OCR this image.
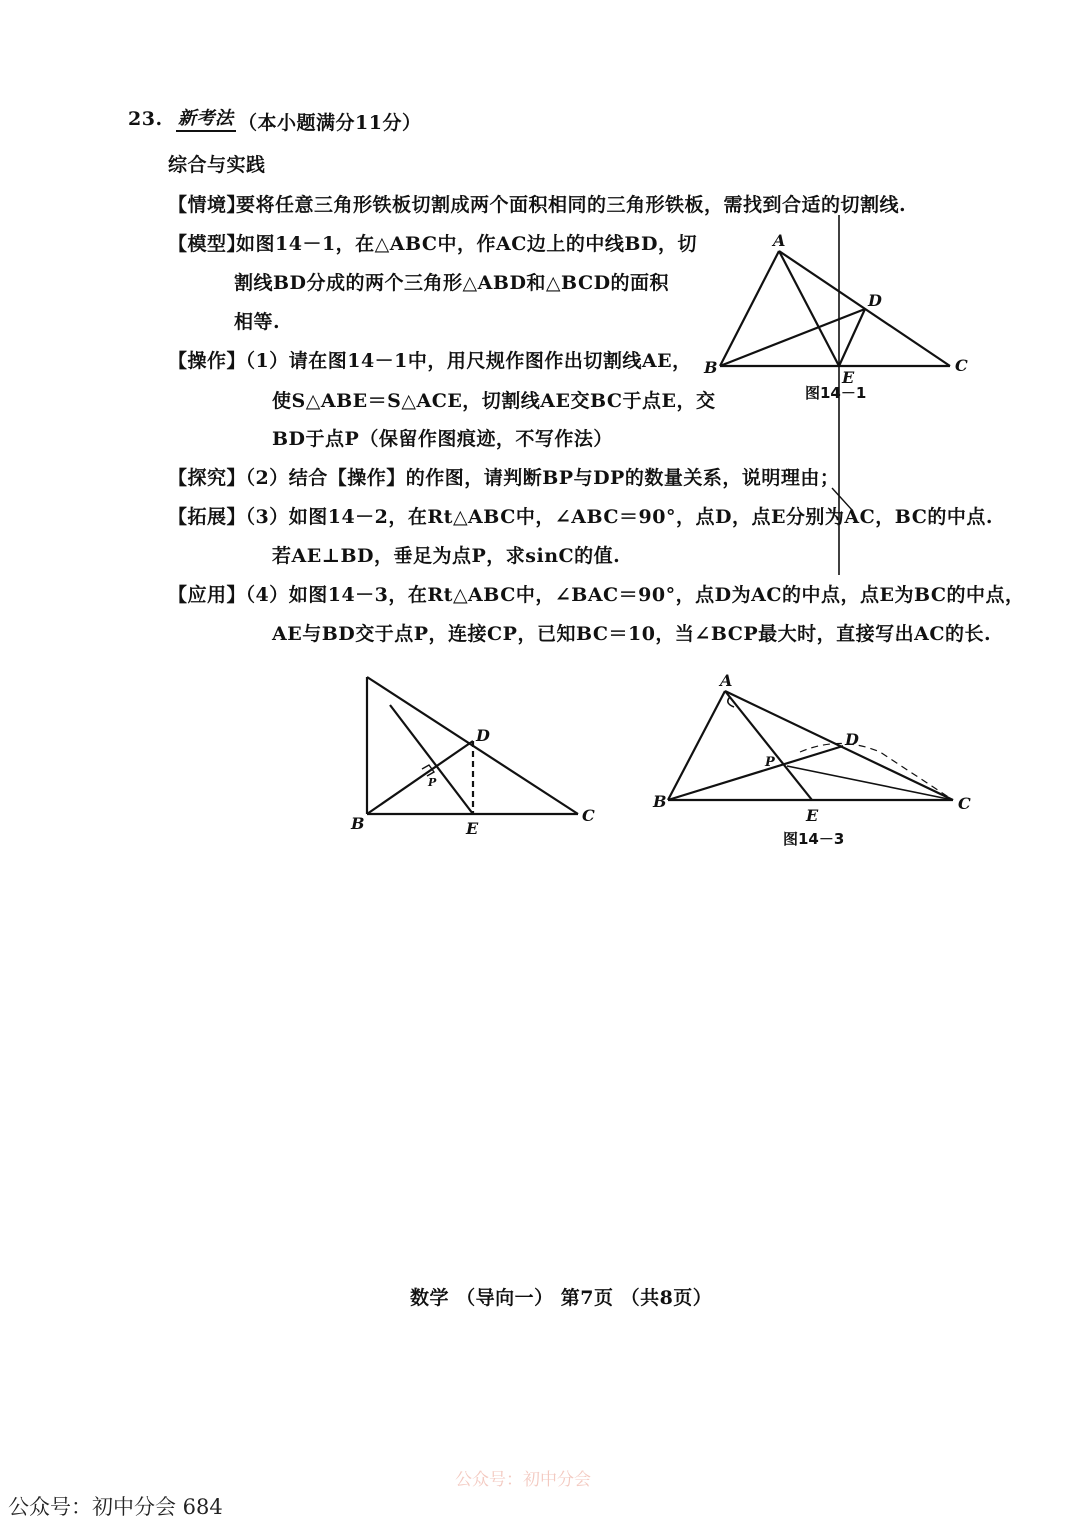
23. 新考法 （本小题满分11分）
综合与实践
【情境】
要将任意三角形铁板切割成两个面积相同的三角形铁板，需找到合适的切割线.
【模型】
如图14－1，在△ABC中，作AC边上的中线BD，切
割线BD分成的两个三角形△ABD和△BCD的面积
相等.
【操作】
（1）请在图14－1中，用尺规作图作出切割线AE，
使S△ABE＝S△ACE，切割线AE交BC于点E，交
BD于点P（保留作图痕迹，不写作法）
【探究】
（2）结合【操作】的作图，请判断BP与DP的数量关系，说明理由；
【拓展】
（3）如图14－2，在Rt△ABC中，∠ABC＝90°，点D，点E分别为AC，BC的中点.
若AE⊥BD，垂足为点P，求sinC的值.
【应用】
（4）如图14－3，在Rt△ABC中，∠BAC＝90°，点D为AC的中点，点E为BC的中点，
AE与BD交于点P，连接CP，已知BC＝10，当∠BCP最大时，直接写出AC的长.
A
B	C
D
E
图14－1
B	C
D
E
P
A
B	C
D
E
P
图14－3
数学 （导向一） 第7页 （共8页）
公众号：初中分会
公众号：初中分会 684
